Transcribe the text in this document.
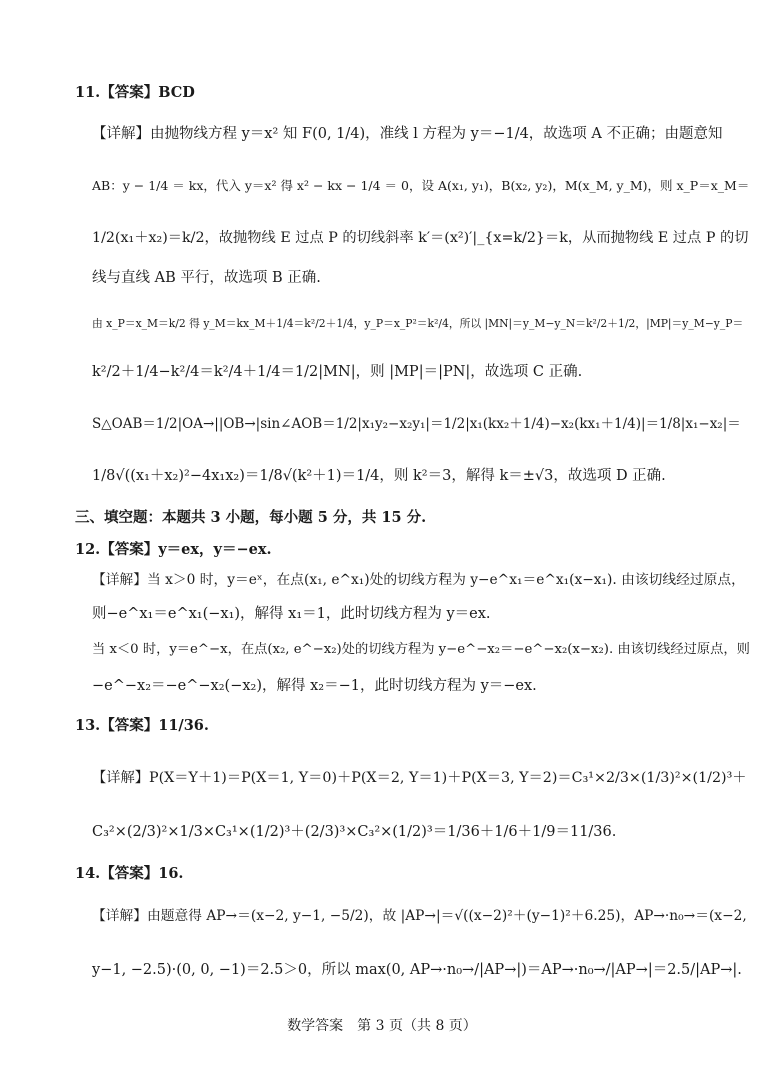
11.【答案】BCD
【详解】由抛物线方程 y＝x² 知 F(0, 1/4)，准线 l 方程为 y＝−1/4，故选项 A 不正确；由题意知
AB：y − 1/4 ＝ kx，代入 y＝x² 得 x² − kx − 1/4 ＝ 0，设 A(x₁, y₁)，B(x₂, y₂)，M(x_M, y_M)，则 x_P＝x_M＝
1/2(x₁＋x₂)＝k/2，故抛物线 E 过点 P 的切线斜率 k′＝(x²)′|_{x=k/2}＝k，从而抛物线 E 过点 P 的切
线与直线 AB 平行，故选项 B 正确.
由 x_P＝x_M＝k/2 得 y_M＝kx_M＋1/4＝k²/2＋1/4，y_P＝x_P²＝k²/4，所以 |MN|＝y_M−y_N＝k²/2＋1/2，|MP|＝y_M−y_P＝
k²/2＋1/4−k²/4＝k²/4＋1/4＝1/2|MN|，则 |MP|＝|PN|，故选项 C 正确.
S△OAB＝1/2|OA→||OB→|sin∠AOB＝1/2|x₁y₂−x₂y₁|＝1/2|x₁(kx₂＋1/4)−x₂(kx₁＋1/4)|＝1/8|x₁−x₂|＝
1/8√((x₁＋x₂)²−4x₁x₂)＝1/8√(k²＋1)＝1/4，则 k²＝3，解得 k＝±√3，故选项 D 正确.
三、填空题：本题共 3 小题，每小题 5 分，共 15 分.
12.【答案】y＝ex，y＝−ex.
【详解】当 x＞0 时，y＝eˣ，在点(x₁, e^x₁)处的切线方程为 y−e^x₁＝e^x₁(x−x₁). 由该切线经过原点，
则−e^x₁＝e^x₁(−x₁)，解得 x₁＝1，此时切线方程为 y＝ex.
当 x＜0 时，y＝e^−x，在点(x₂, e^−x₂)处的切线方程为 y−e^−x₂＝−e^−x₂(x−x₂). 由该切线经过原点，则
−e^−x₂＝−e^−x₂(−x₂)，解得 x₂＝−1，此时切线方程为 y＝−ex.
13.【答案】11/36.
【详解】P(X＝Y＋1)＝P(X＝1, Y＝0)＋P(X＝2, Y＝1)＋P(X＝3, Y＝2)＝C₃¹×2/3×(1/3)²×(1/2)³＋
C₃²×(2/3)²×1/3×C₃¹×(1/2)³＋(2/3)³×C₃²×(1/2)³＝1/36＋1/6＋1/9＝11/36.
14.【答案】16.
【详解】由题意得 AP→＝(x−2, y−1, −5/2)，故 |AP→|＝√((x−2)²＋(y−1)²＋6.25)，AP→·n₀→＝(x−2,
y−1, −2.5)·(0, 0, −1)＝2.5＞0，所以 max(0, AP→·n₀→/|AP→|)＝AP→·n₀→/|AP→|＝2.5/|AP→|.
数学答案　第 3 页（共 8 页）
